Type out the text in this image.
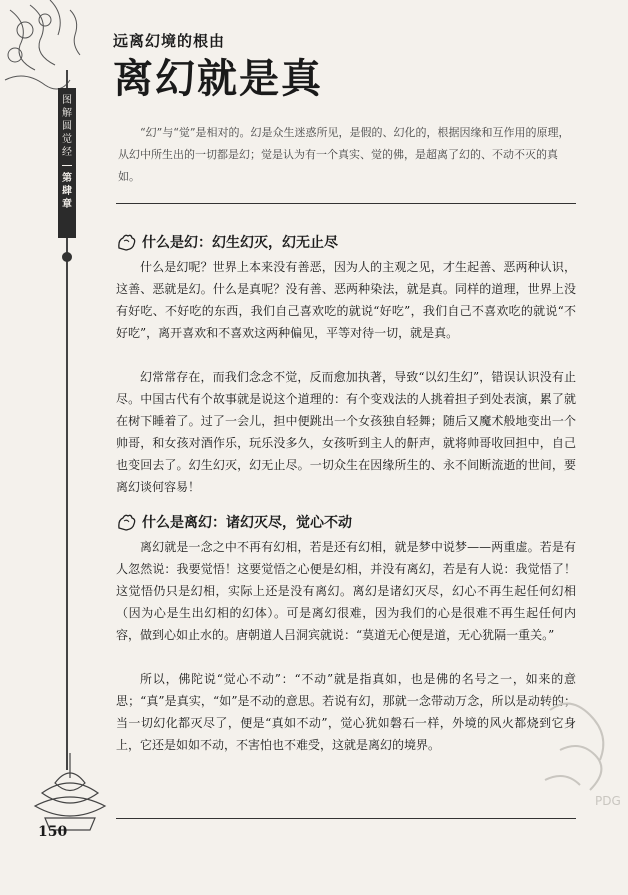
图解圆觉经
第肆章
远离幻境的根由
离幻就是真
“幻”与“觉”是相对的。幻是众生迷惑所见，是假的、幻化的，根据因缘和互作用的原理，从幻中所生出的一切都是幻；觉是认为有一个真实、觉的佛，是超离了幻的、不动不灭的真如。
什么是幻：幻生幻灭，幻无止尽
什么是幻呢？世界上本来没有善恶，因为人的主观之见，才生起善、恶两种认识，这善、恶就是幻。什么是真呢？没有善、恶两种染法，就是真。同样的道理，世界上没有好吃、不好吃的东西，我们自己喜欢吃的就说“好吃”，我们自己不喜欢吃的就说“不好吃”，离开喜欢和不喜欢这两种偏见，平等对待一切，就是真。
幻常常存在，而我们念念不觉，反而愈加执著，导致“以幻生幻”，错误认识没有止尽。中国古代有个故事就是说这个道理的：有个变戏法的人挑着担子到处表演，累了就在树下睡着了。过了一会儿，担中便跳出一个女孩独自轻舞；随后又魔术般地变出一个帅哥，和女孩对酒作乐，玩乐没多久，女孩听到主人的鼾声，就将帅哥收回担中，自己也变回去了。幻生幻灭，幻无止尽。一切众生在因缘所生的、永不间断流逝的世间，要离幻谈何容易！
什么是离幻：诸幻灭尽，觉心不动
离幻就是一念之中不再有幻相，若是还有幻相，就是梦中说梦——两重虚。若是有人忽然说：我要觉悟！这要觉悟之心便是幻相，并没有离幻，若是有人说：我觉悟了！这觉悟仍只是幻相，实际上还是没有离幻。离幻是诸幻灭尽，幻心不再生起任何幻相（因为心是生出幻相的幻体）。可是离幻很难，因为我们的心是很难不再生起任何内容，做到心如止水的。唐朝道人吕洞宾就说：“莫道无心便是道，无心犹隔一重关。”
所以，佛陀说“觉心不动”：“不动”就是指真如，也是佛的名号之一，如来的意思；“真”是真实，“如”是不动的意思。若说有幻，那就一念带动万念，所以是动转的；当一切幻化都灭尽了，便是“真如不动”，觉心犹如磐石一样，外境的风火都烧到它身上，它还是如如不动，不害怕也不难受，这就是离幻的境界。
PDG
150
